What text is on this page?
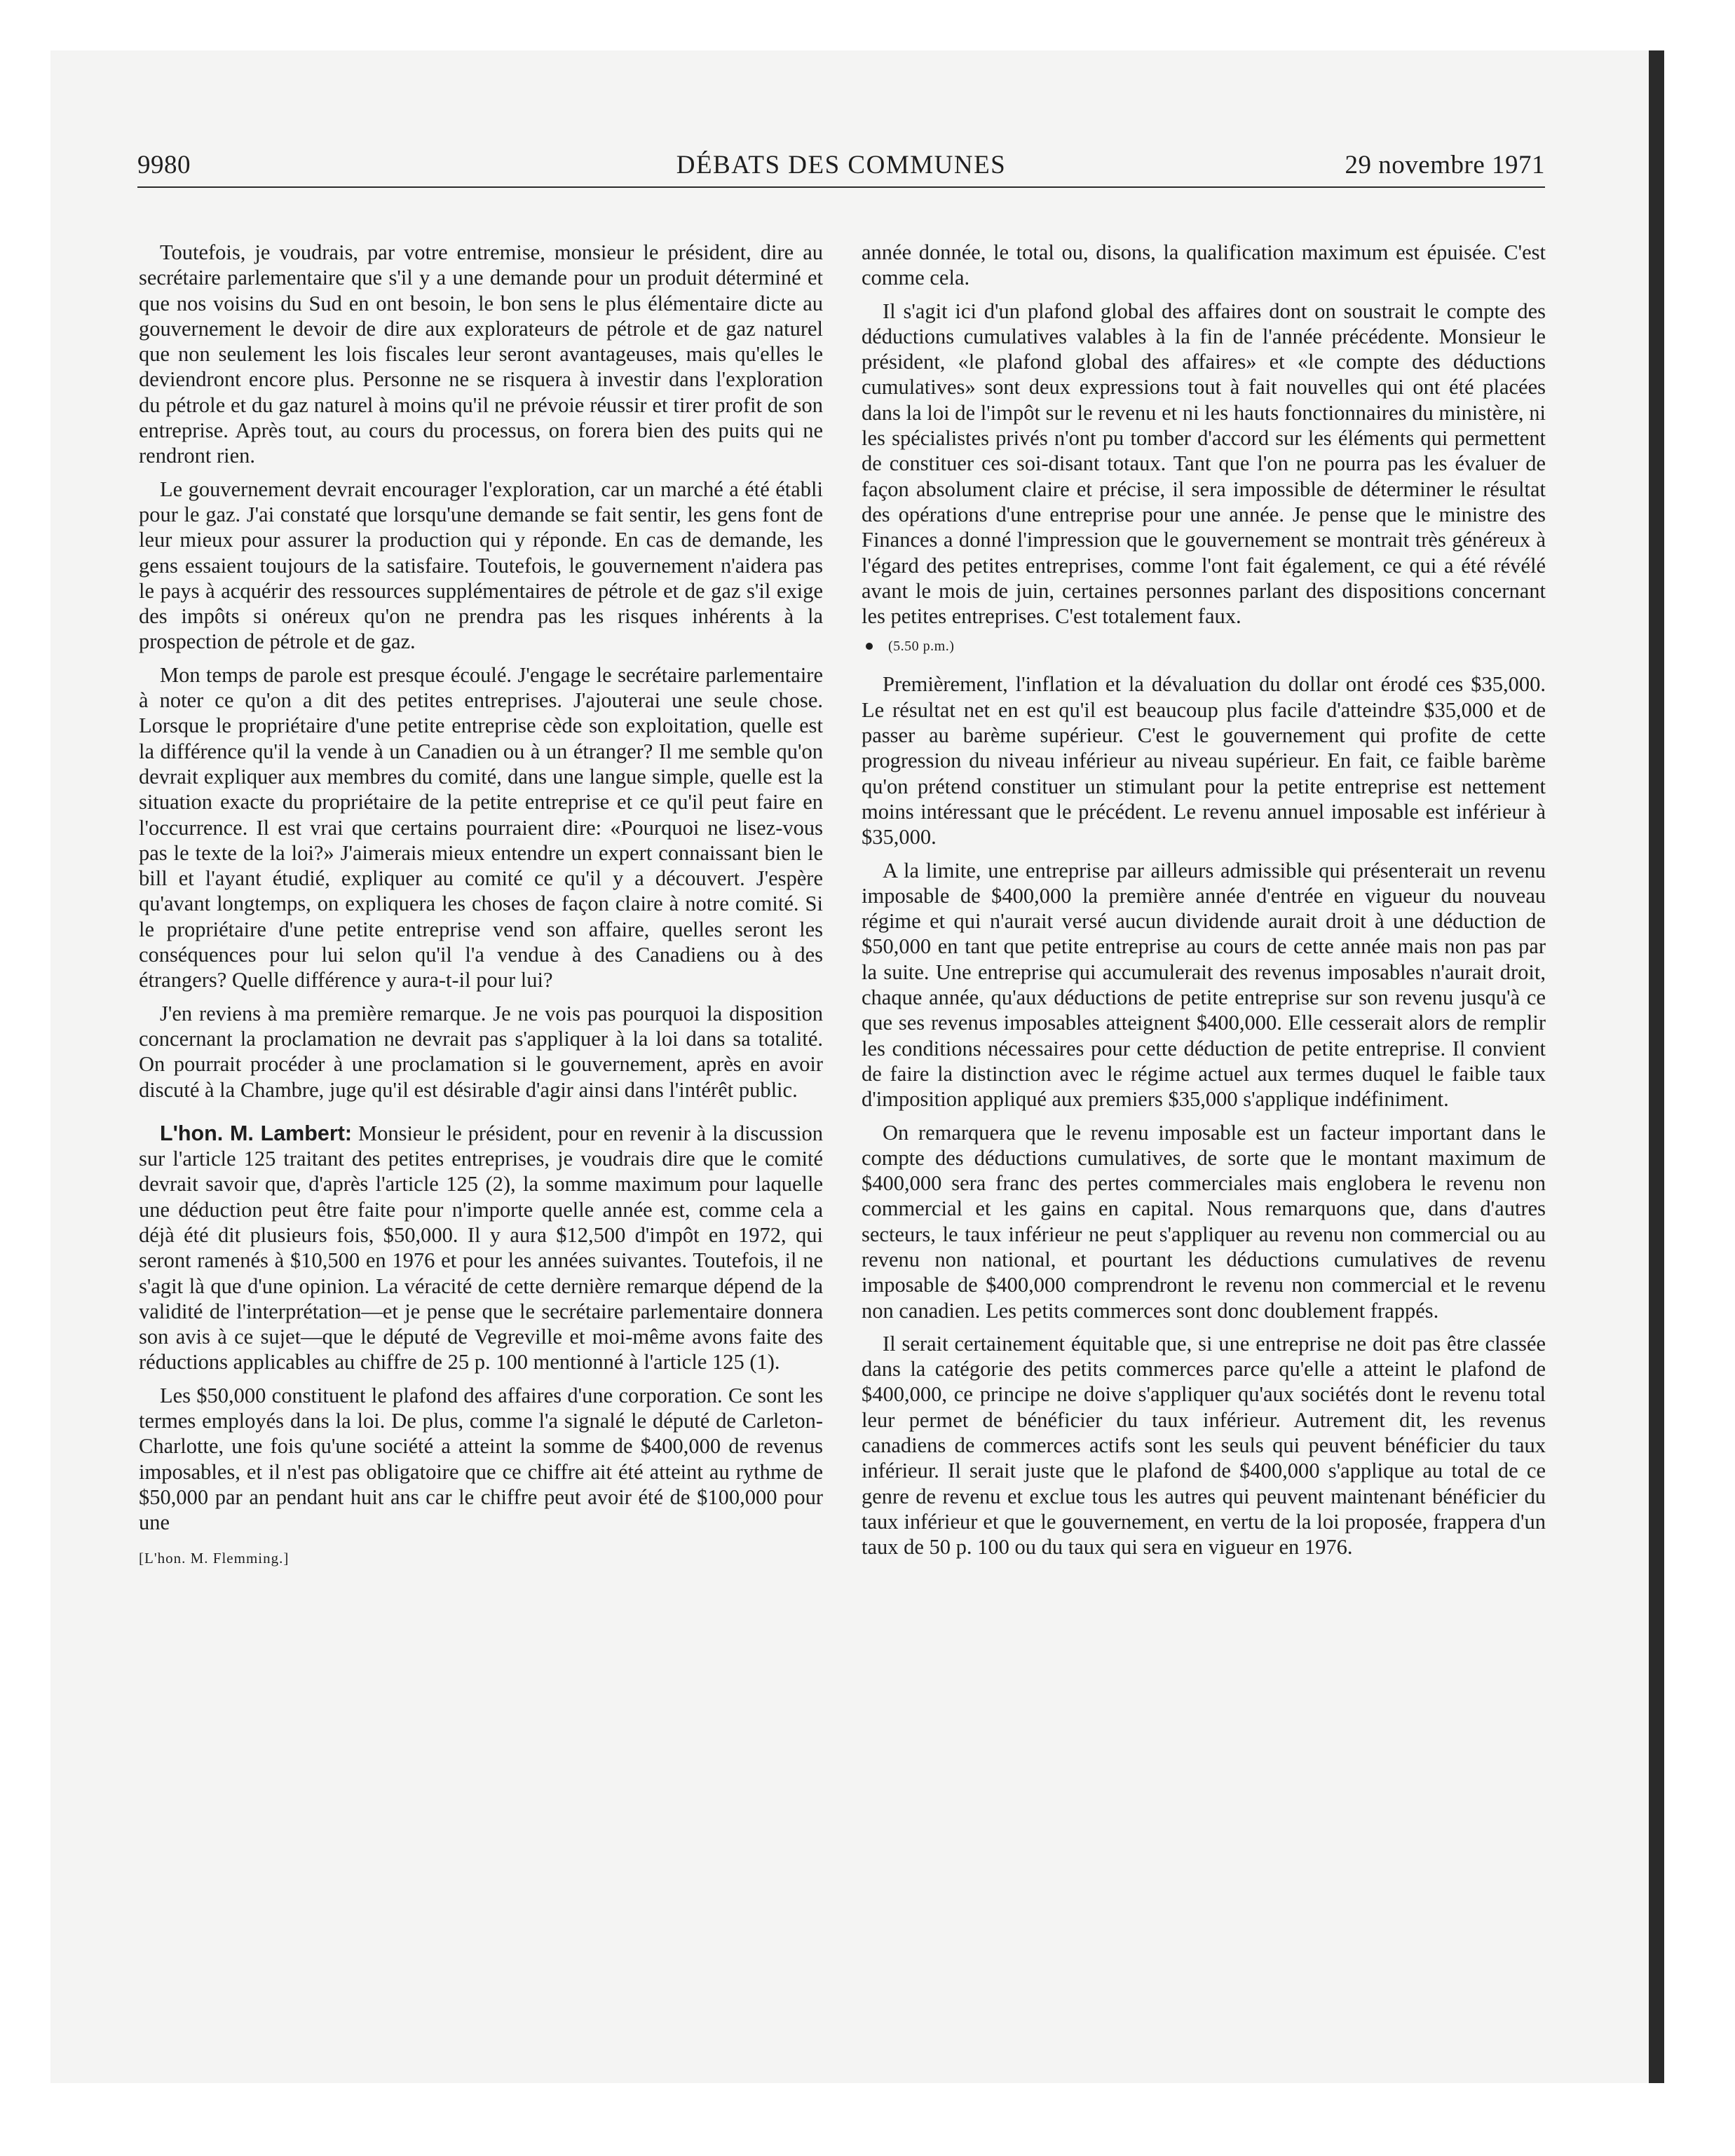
9980	DÉBATS DES COMMUNES	29 novembre 1971

Toutefois, je voudrais, par votre entremise, monsieur le président, dire au secrétaire parlementaire que s'il y a une demande pour un produit déterminé et que nos voisins du Sud en ont besoin, le bon sens le plus élémentaire dicte au gouvernement le devoir de dire aux explorateurs de pétrole et de gaz naturel que non seulement les lois fiscales leur seront avantageuses, mais qu'elles le deviendront encore plus. Personne ne se risquera à investir dans l'exploration du pétrole et du gaz naturel à moins qu'il ne prévoie réussir et tirer profit de son entreprise. Après tout, au cours du processus, on forera bien des puits qui ne rendront rien.

Le gouvernement devrait encourager l'exploration, car un marché a été établi pour le gaz. J'ai constaté que lorsqu'une demande se fait sentir, les gens font de leur mieux pour assurer la production qui y réponde. En cas de demande, les gens essaient toujours de la satisfaire. Toutefois, le gouvernement n'aidera pas le pays à acquérir des ressources supplémentaires de pétrole et de gaz s'il exige des impôts si onéreux qu'on ne prendra pas les risques inhérents à la prospection de pétrole et de gaz.

Mon temps de parole est presque écoulé. J'engage le secrétaire parlementaire à noter ce qu'on a dit des petites entreprises. J'ajouterai une seule chose. Lorsque le propriétaire d'une petite entreprise cède son exploitation, quelle est la différence qu'il la vende à un Canadien ou à un étranger? Il me semble qu'on devrait expliquer aux membres du comité, dans une langue simple, quelle est la situation exacte du propriétaire de la petite entreprise et ce qu'il peut faire en l'occurrence. Il est vrai que certains pourraient dire: «Pourquoi ne lisez-vous pas le texte de la loi?» J'aimerais mieux entendre un expert connaissant bien le bill et l'ayant étudié, expliquer au comité ce qu'il y a découvert. J'espère qu'avant longtemps, on expliquera les choses de façon claire à notre comité. Si le propriétaire d'une petite entreprise vend son affaire, quelles seront les conséquences pour lui selon qu'il l'a vendue à des Canadiens ou à des étrangers? Quelle différence y aura-t-il pour lui?

J'en reviens à ma première remarque. Je ne vois pas pourquoi la disposition concernant la proclamation ne devrait pas s'appliquer à la loi dans sa totalité. On pourrait procéder à une proclamation si le gouvernement, après en avoir discuté à la Chambre, juge qu'il est désirable d'agir ainsi dans l'intérêt public.

L'hon. M. Lambert: Monsieur le président, pour en revenir à la discussion sur l'article 125 traitant des petites entreprises, je voudrais dire que le comité devrait savoir que, d'après l'article 125 (2), la somme maximum pour laquelle une déduction peut être faite pour n'importe quelle année est, comme cela a déjà été dit plusieurs fois, $50,000. Il y aura $12,500 d'impôt en 1972, qui seront ramenés à $10,500 en 1976 et pour les années suivantes. Toutefois, il ne s'agit là que d'une opinion. La véracité de cette dernière remarque dépend de la validité de l'interprétation—et je pense que le secrétaire parlementaire donnera son avis à ce sujet—que le député de Vegreville et moi-même avons faite des réductions applicables au chiffre de 25 p. 100 mentionné à l'article 125 (1).

Les $50,000 constituent le plafond des affaires d'une corporation. Ce sont les termes employés dans la loi. De plus, comme l'a signalé le député de Carleton-Charlotte, une fois qu'une société a atteint la somme de $400,000 de revenus imposables, et il n'est pas obligatoire que ce chiffre ait été atteint au rythme de $50,000 par an pendant huit ans car le chiffre peut avoir été de $100,000 pour une

[L'hon. M. Flemming.]

année donnée, le total ou, disons, la qualification maximum est épuisée. C'est comme cela.

Il s'agit ici d'un plafond global des affaires dont on soustrait le compte des déductions cumulatives valables à la fin de l'année précédente. Monsieur le président, «le plafond global des affaires» et «le compte des déductions cumulatives» sont deux expressions tout à fait nouvelles qui ont été placées dans la loi de l'impôt sur le revenu et ni les hauts fonctionnaires du ministère, ni les spécialistes privés n'ont pu tomber d'accord sur les éléments qui permettent de constituer ces soi-disant totaux. Tant que l'on ne pourra pas les évaluer de façon absolument claire et précise, il sera impossible de déterminer le résultat des opérations d'une entreprise pour une année. Je pense que le ministre des Finances a donné l'impression que le gouvernement se montrait très généreux à l'égard des petites entreprises, comme l'ont fait également, ce qui a été révélé avant le mois de juin, certaines personnes parlant des dispositions concernant les petites entreprises. C'est totalement faux.

(5.50 p.m.)

Premièrement, l'inflation et la dévaluation du dollar ont érodé ces $35,000. Le résultat net en est qu'il est beaucoup plus facile d'atteindre $35,000 et de passer au barème supérieur. C'est le gouvernement qui profite de cette progression du niveau inférieur au niveau supérieur. En fait, ce faible barème qu'on prétend constituer un stimulant pour la petite entreprise est nettement moins intéressant que le précédent. Le revenu annuel imposable est inférieur à $35,000.

A la limite, une entreprise par ailleurs admissible qui présenterait un revenu imposable de $400,000 la première année d'entrée en vigueur du nouveau régime et qui n'aurait versé aucun dividende aurait droit à une déduction de $50,000 en tant que petite entreprise au cours de cette année mais non pas par la suite. Une entreprise qui accumulerait des revenus imposables n'aurait droit, chaque année, qu'aux déductions de petite entreprise sur son revenu jusqu'à ce que ses revenus imposables atteignent $400,000. Elle cesserait alors de remplir les conditions nécessaires pour cette déduction de petite entreprise. Il convient de faire la distinction avec le régime actuel aux termes duquel le faible taux d'imposition appliqué aux premiers $35,000 s'applique indéfiniment.

On remarquera que le revenu imposable est un facteur important dans le compte des déductions cumulatives, de sorte que le montant maximum de $400,000 sera franc des pertes commerciales mais englobera le revenu non commercial et les gains en capital. Nous remarquons que, dans d'autres secteurs, le taux inférieur ne peut s'appliquer au revenu non commercial ou au revenu non national, et pourtant les déductions cumulatives de revenu imposable de $400,000 comprendront le revenu non commercial et le revenu non canadien. Les petits commerces sont donc doublement frappés.

Il serait certainement équitable que, si une entreprise ne doit pas être classée dans la catégorie des petits commerces parce qu'elle a atteint le plafond de $400,000, ce principe ne doive s'appliquer qu'aux sociétés dont le revenu total leur permet de bénéficier du taux inférieur. Autrement dit, les revenus canadiens de commerces actifs sont les seuls qui peuvent bénéficier du taux inférieur. Il serait juste que le plafond de $400,000 s'applique au total de ce genre de revenu et exclue tous les autres qui peuvent maintenant bénéficier du taux inférieur et que le gouvernement, en vertu de la loi proposée, frappera d'un taux de 50 p. 100 ou du taux qui sera en vigueur en 1976.
